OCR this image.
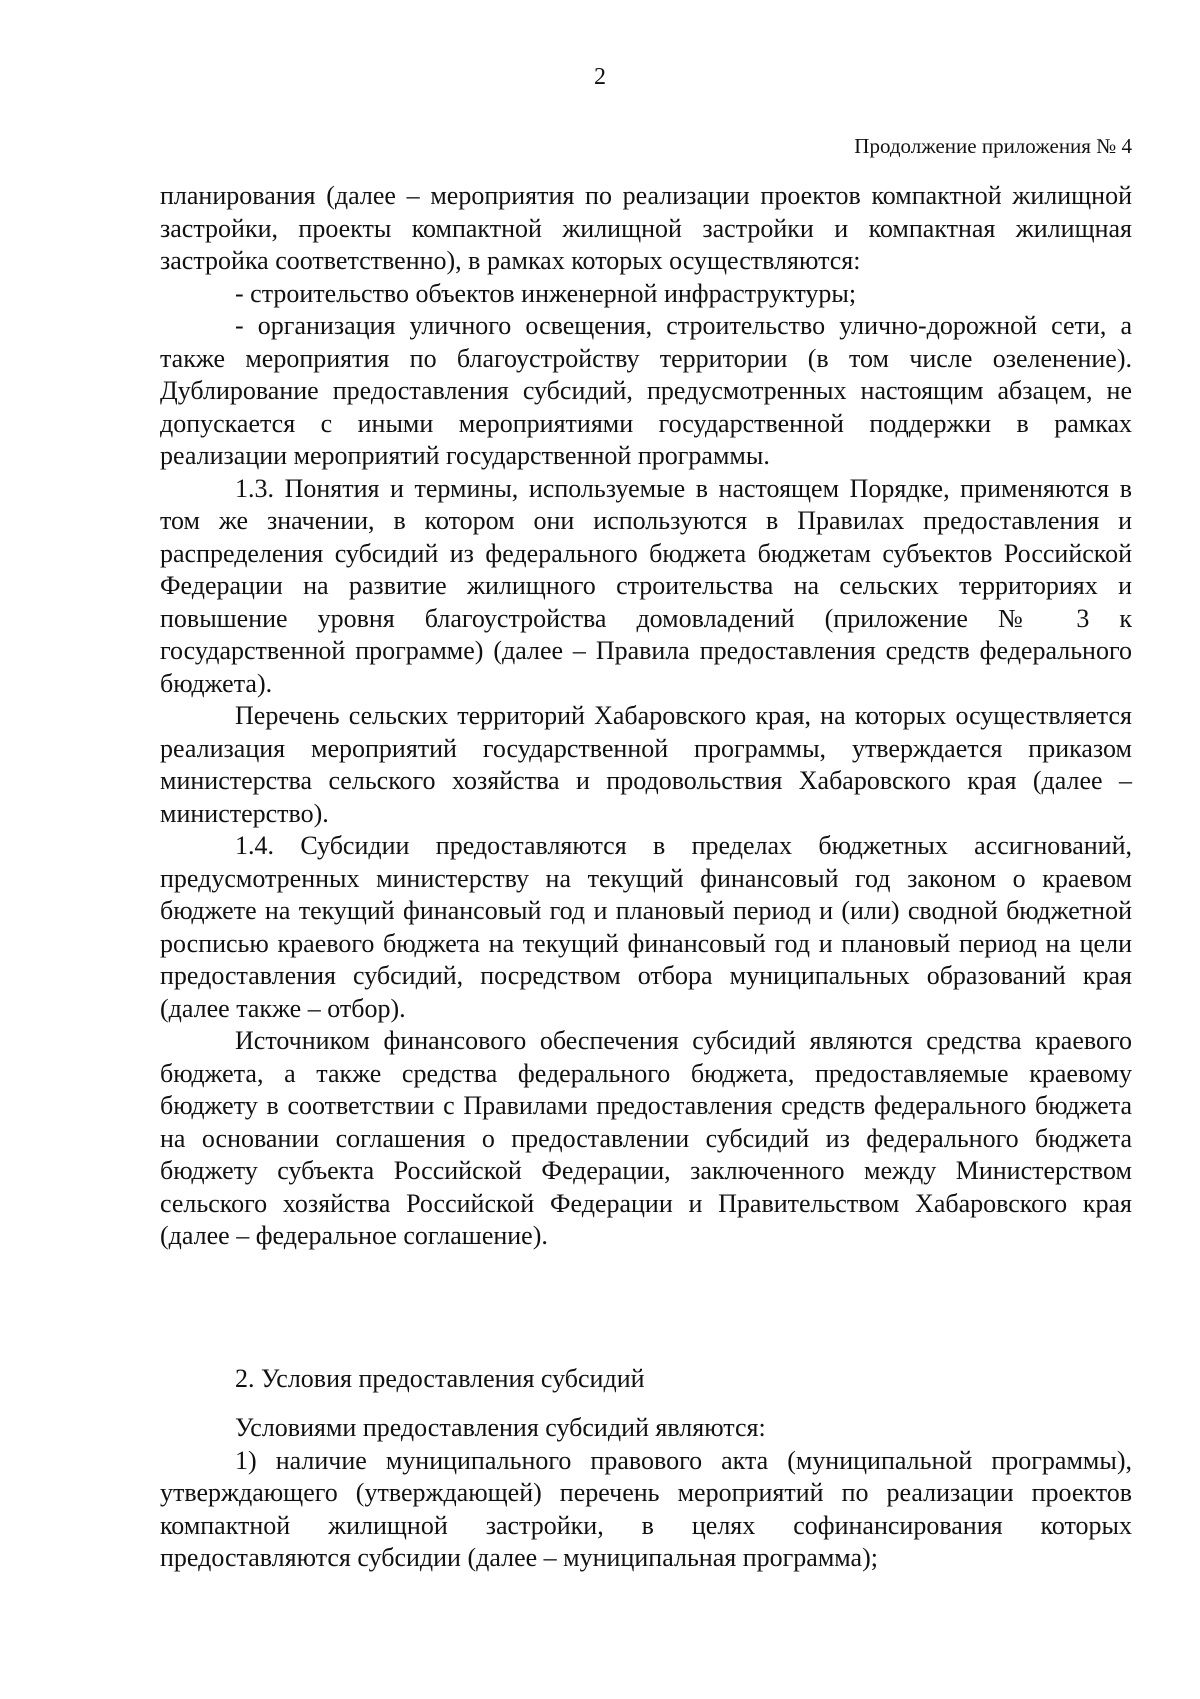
2
Продолжение приложения № 4

планирования (далее – мероприятия по реализации проектов компактной жилищной застройки, проекты компактной жилищной застройки и компактная жилищная застройка соответственно), в рамках которых осуществляются:

- строительство объектов инженерной инфраструктуры;

- организация уличного освещения, строительство улично-дорожной сети, а также мероприятия по благоустройству территории (в том числе озеленение). Дублирование предоставления субсидий, предусмотренных настоящим абзацем, не допускается с иными мероприятиями государственной поддержки в рамках реализации мероприятий государственной программы.

1.3. Понятия и термины, используемые в настоящем Порядке, применяются в том же значении, в котором они используются в Правилах предоставления и распределения субсидий из федерального бюджета бюджетам субъектов Российской Федерации на развитие жилищного строительства на сельских территориях и повышение уровня благоустройства домовладений (приложение № 3 к государственной программе) (далее – Правила предоставления средств федерального бюджета).

Перечень сельских территорий Хабаровского края, на которых осуществляется реализация мероприятий государственной программы, утверждается приказом министерства сельского хозяйства и продовольствия Хабаровского края (далее – министерство).

1.4. Субсидии предоставляются в пределах бюджетных ассигнований, предусмотренных министерству на текущий финансовый год законом о краевом бюджете на текущий финансовый год и плановый период и (или) сводной бюджетной росписью краевого бюджета на текущий финансовый год и плановый период на цели предоставления субсидий, посредством отбора муниципальных образований края (далее также – отбор).

Источником финансового обеспечения субсидий являются средства краевого бюджета, а также средства федерального бюджета, предоставляемые краевому бюджету в соответствии с Правилами предоставления средств федерального бюджета на основании соглашения о предоставлении субсидий из федерального бюджета бюджету субъекта Российской Федерации, заключенного между Министерством сельского хозяйства Российской Федерации и Правительством Хабаровского края (далее – федеральное соглашение).

2. Условия предоставления субсидий

Условиями предоставления субсидий являются:

1) наличие муниципального правового акта (муниципальной программы), утверждающего (утверждающей) перечень мероприятий по реализации проектов компактной жилищной застройки, в целях софинансирования которых предоставляются субсидии (далее – муниципальная программа);
